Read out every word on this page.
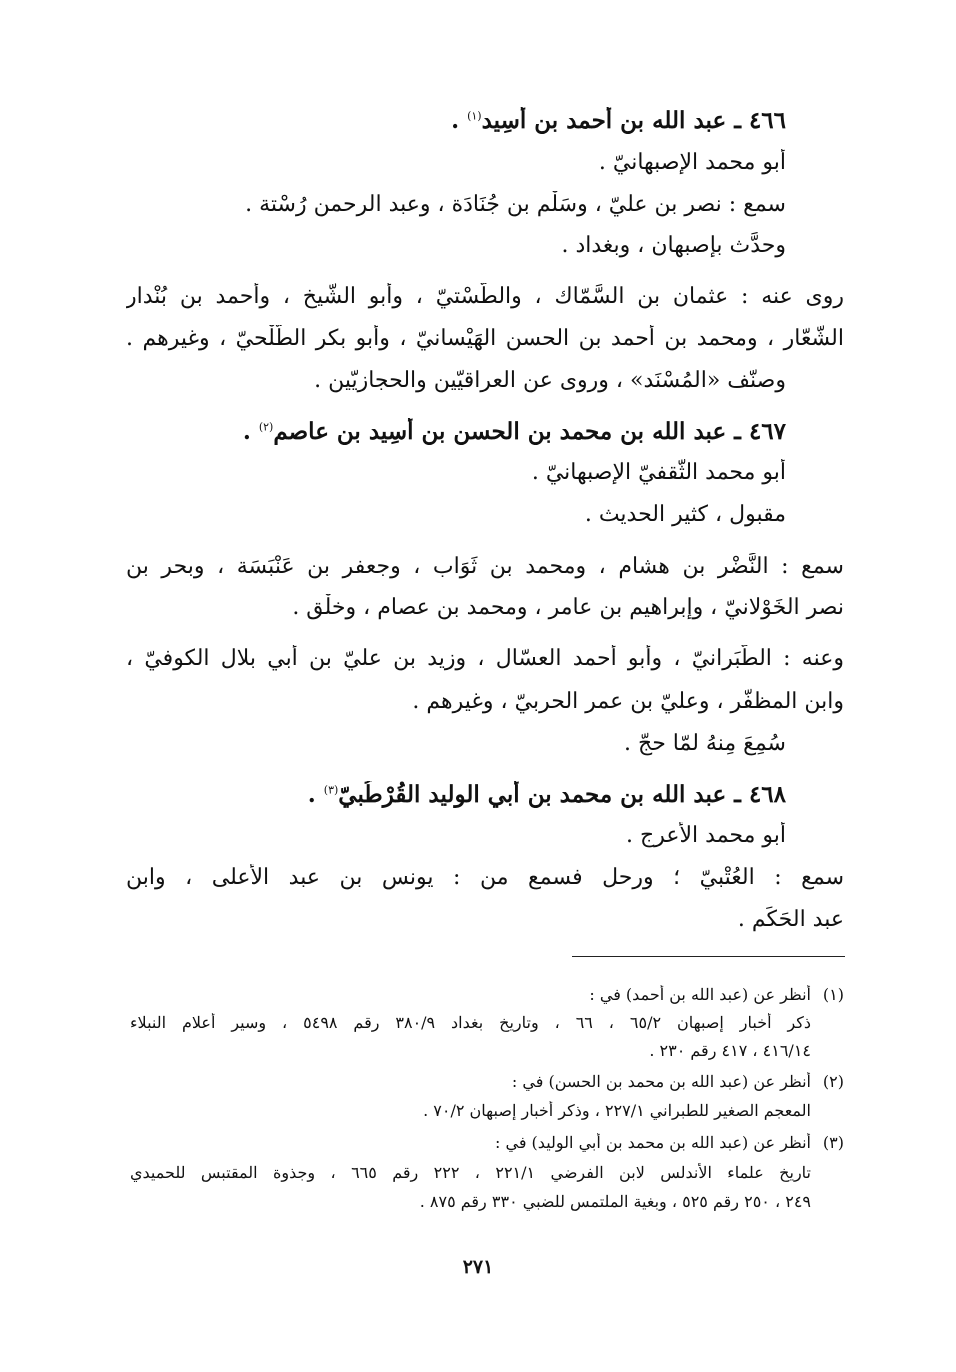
٤٦٦ ـ عبد الله بن أحمد بن أَسِيد$^{(١)}$ .
أبو محمد الإصبهانيّ .
سمع : نصر بن عليّ ، وسَلْم بن جُنَادَة ، وعبد الرحمن رُسْتة .
وحدَّث بإصبهان ، وبغداد .
روى عنه : عثمان بن السَّمّاك ، والطَّسْتيّ ، وأبو الشّيخ ، وأحمد بن بُنْدار
الشّعّار ، ومحمد بن أحمد بن الحسن الهَيْسانيّ ، وأبو بكر الطّلْحيّ ، وغيرهم .
وصنّف «المُسْنَد» ، وروى عن العراقيّين والحجازيّين .
٤٦٧ ـ عبد الله بن محمد بن الحسن بن أَسِيد بن عاصم$^{(٢)}$ .
أبو محمد الثّقفيّ الإصبهانيّ .
مقبول ، كثير الحديث .
سمع : النَّضْر بن هشام ، ومحمد بن ثَوَاب ، وجعفر بن عَنْبَسَة ، وبحر بن
نصر الخَوْلانيّ ، وإبراهيم بن عامر ، ومحمد بن عصام ، وخلْق .
وعنه : الطَّبَرانيّ ، وأبو أحمد العسّال ، وزيد بن عليّ بن أبي بلال الكوفيّ ،
وابن المظفّر ، وعليّ بن عمر الحربيّ ، وغيرهم .
سُمِعَ مِنهُ لمّا حجّ .
٤٦٨ ـ عبد الله بن محمد بن أبي الوليد القُرْطُبيّ$^{(٣)}$ .
أبو محمد الأعرج .
سمع : العُتْبيّ ؛ ورحل فسمع من : يونس بن عبد الأعلى ، وابن
عبد الحَكَم .
(١)
أنظر عن (عبد الله بن أحمد) في :
ذكر أخبار إصبهان ٦٥/٢ ، ٦٦ ، وتاريخ بغداد ٣٨٠/٩ رقم ٥٤٩٨ ، وسير أعلام النبلاء
٤١٦/١٤ ، ٤١٧ رقم ٢٣٠ .
(٢)
أنظر عن (عبد الله بن محمد بن الحسن) في :
المعجم الصغير للطبراني ٢٢٧/١ ، وذكر أخبار إصبهان ٧٠/٢ .
(٣)
أنظر عن (عبد الله بن محمد بن أبي الوليد) في :
تاريخ علماء الأندلس لابن الفرضي ٢٢١/١ ، ٢٢٢ رقم ٦٦٥ ، وجذوة المقتبس للحميدي
٢٤٩ ، ٢٥٠ رقم ٥٢٥ ، وبغية الملتمس للضبي ٣٣٠ رقم ٨٧٥ .
٢٧١
